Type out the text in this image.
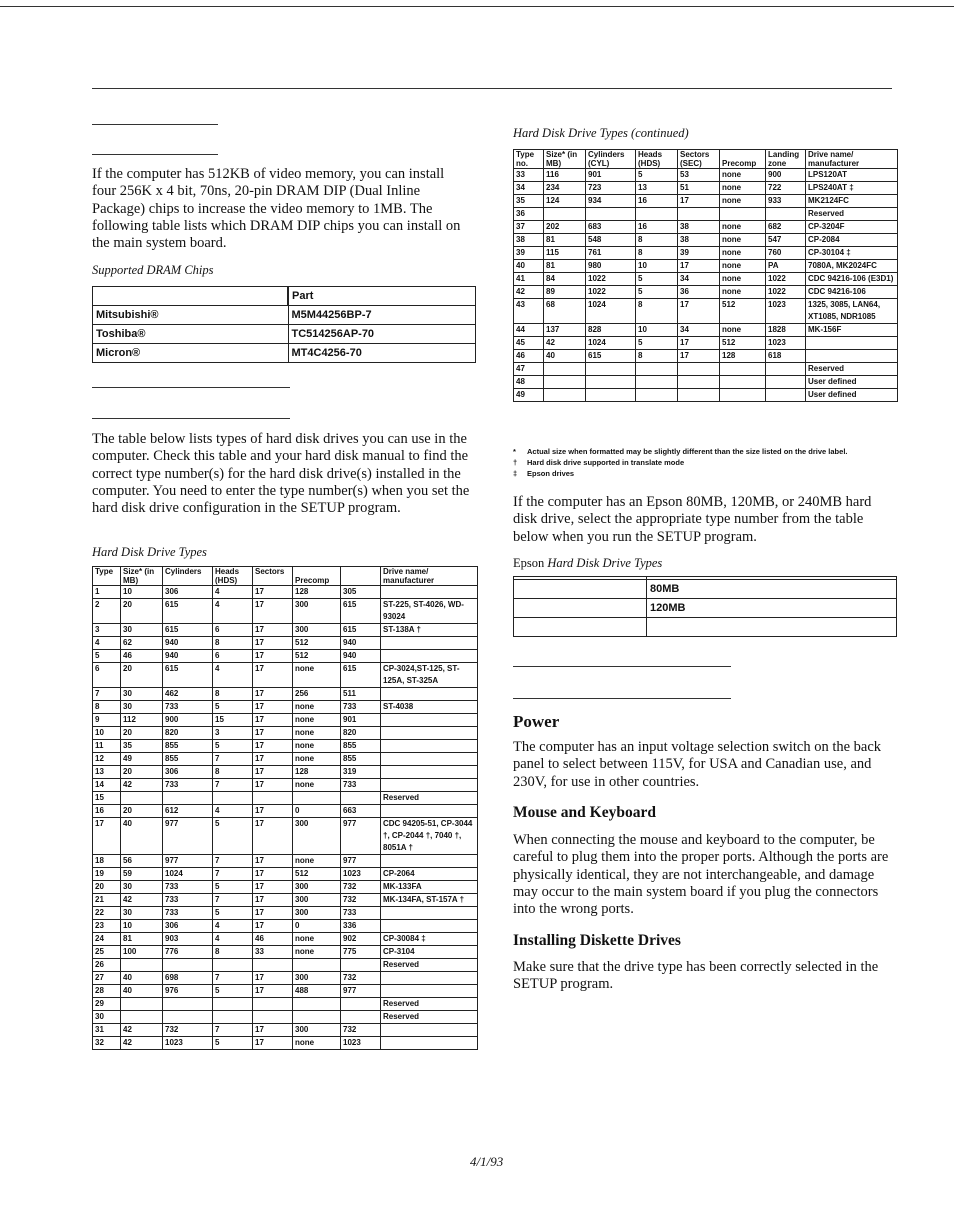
If the computer has 512KB of video memory, you can install four 256K x 4 bit, 70ns, 20-pin DRAM DIP (Dual Inline Package) chips to increase the video memory to 1MB. The following table lists which DRAM DIP chips you can install on the main system board.
Supported DRAM Chips
	Part
Mitsubishi®	M5M44256BP-7
Toshiba®	TC514256AP-70
Micron®	MT4C4256-70
The table below lists types of hard disk drives you can use in the computer. Check this table and your hard disk manual to find the correct type number(s) for the hard disk drive(s) installed in the computer. You need to enter the type number(s) when you set the hard disk drive configuration in the SETUP program.
Hard Disk Drive Types
Type	Size* (in MB)	Cylinders	Heads (HDS)	Sectors	Precomp		Drive name/ manufacturer
1	10	306	4	17	128	305	
2	20	615	4	17	300	615	ST-225, ST-4026, WD-93024
3	30	615	6	17	300	615	ST-138A †
4	62	940	8	17	512	940	
5	46	940	6	17	512	940	
6	20	615	4	17	none	615	CP-3024,ST-125, ST-125A, ST-325A
7	30	462	8	17	256	511	
8	30	733	5	17	none	733	ST-4038
9	112	900	15	17	none	901	
10	20	820	3	17	none	820	
11	35	855	5	17	none	855	
12	49	855	7	17	none	855	
13	20	306	8	17	128	319	
14	42	733	7	17	none	733	
15							Reserved
16	20	612	4	17	0	663	
17	40	977	5	17	300	977	CDC 94205-51, CP-3044 †, CP-2044 †, 7040 †, 8051A †
18	56	977	7	17	none	977	
19	59	1024	7	17	512	1023	CP-2064
20	30	733	5	17	300	732	MK-133FA
21	42	733	7	17	300	732	MK-134FA, ST-157A †
22	30	733	5	17	300	733	
23	10	306	4	17	0	336	
24	81	903	4	46	none	902	CP-30084 ‡
25	100	776	8	33	none	775	CP-3104
26							Reserved
27	40	698	7	17	300	732	
28	40	976	5	17	488	977	
29							Reserved
30							Reserved
31	42	732	7	17	300	732	
32	42	1023	5	17	none	1023	
Hard Disk Drive Types (continued)
Type no.	Size* (in MB)	Cylinders (CYL)	Heads (HDS)	Sectors (SEC)	Precomp	Landing zone	Drive name/ manufacturer
33	116	901	5	53	none	900	LPS120AT
34	234	723	13	51	none	722	LPS240AT ‡
35	124	934	16	17	none	933	MK2124FC
36							Reserved
37	202	683	16	38	none	682	CP-3204F
38	81	548	8	38	none	547	CP-2084
39	115	761	8	39	none	760	CP-30104 ‡
40	81	980	10	17	none	PA	7080A, MK2024FC
41	84	1022	5	34	none	1022	CDC 94216-106 (E3D1)
42	89	1022	5	36	none	1022	CDC 94216-106
43	68	1024	8	17	512	1023	1325, 3085, LAN64, XT1085, NDR1085
44	137	828	10	34	none	1828	MK-156F
45	42	1024	5	17	512	1023	
46	40	615	8	17	128	618	
47							Reserved
48							User defined
49							User defined
* Actual size when formatted may be slightly different than the size listed on the drive label.
† Hard disk drive supported in translate mode
‡ Epson drives
If the computer has an Epson 80MB, 120MB, or 240MB hard disk drive, select the appropriate type number from the table below when you run the SETUP program.
Epson Hard Disk Drive Types

	80MB
	120MB

Power
The computer has an input voltage selection switch on the back panel to select between 115V, for USA and Canadian use, and 230V, for use in other countries.
Mouse and Keyboard
When connecting the mouse and keyboard to the computer, be careful to plug them into the proper ports. Although the ports are physically identical, they are not interchangeable, and damage may occur to the main system board if you plug the connectors into the wrong ports.
Installing Diskette Drives
Make sure that the drive type has been correctly selected in the SETUP program.
4/1/93
